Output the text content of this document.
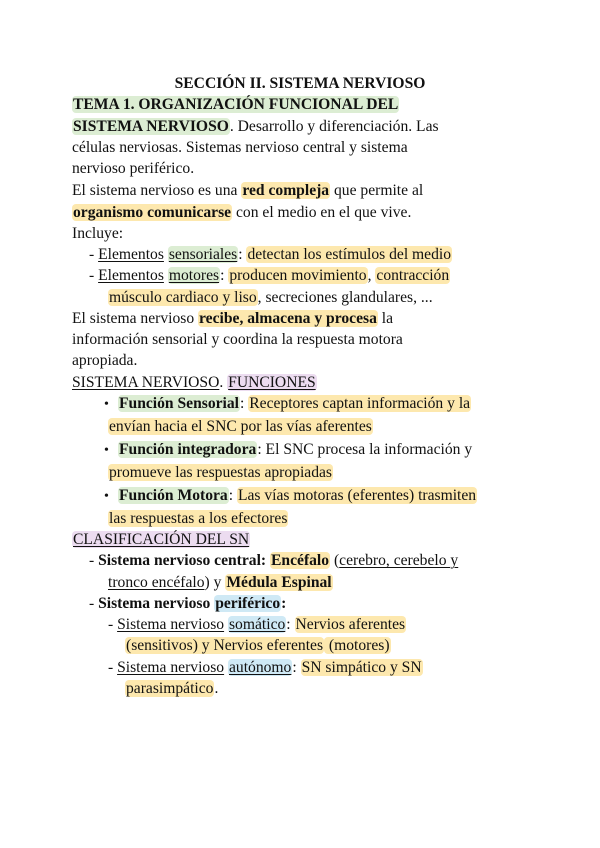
SECCIÓN II. SISTEMA NERVIOSO
TEMA 1. ORGANIZACIÓN FUNCIONAL DEL
SISTEMA NERVIOSO. Desarrollo y diferenciación. Las
células nerviosas. Sistemas nervioso central y sistema
nervioso periférico.
El sistema nervioso es una red compleja que permite al
organismo comunicarse con el medio en el que vive.
Incluye:
- Elementos sensoriales: detectan los estímulos del medio
- Elementos motores: producen movimiento, contracción
músculo cardiaco y liso, secreciones glandulares, ...
El sistema nervioso recibe, almacena y procesa la
información sensorial y coordina la respuesta motora
apropiada.
SISTEMA NERVIOSO. FUNCIONES
• Función Sensorial: Receptores captan información y la
envían hacia el SNC por las vías aferentes
• Función integradora: El SNC procesa la información y
promueve las respuestas apropiadas
• Función Motora: Las vías motoras (eferentes) trasmiten
las respuestas a los efectores
CLASIFICACIÓN DEL SN
- Sistema nervioso central: Encéfalo (cerebro, cerebelo y
tronco encéfalo) y Médula Espinal
- Sistema nervioso periférico:
- Sistema nervioso somático: Nervios aferentes
(sensitivos) y Nervios eferentes (motores)
- Sistema nervioso autónomo: SN simpático y SN
parasimpático.
